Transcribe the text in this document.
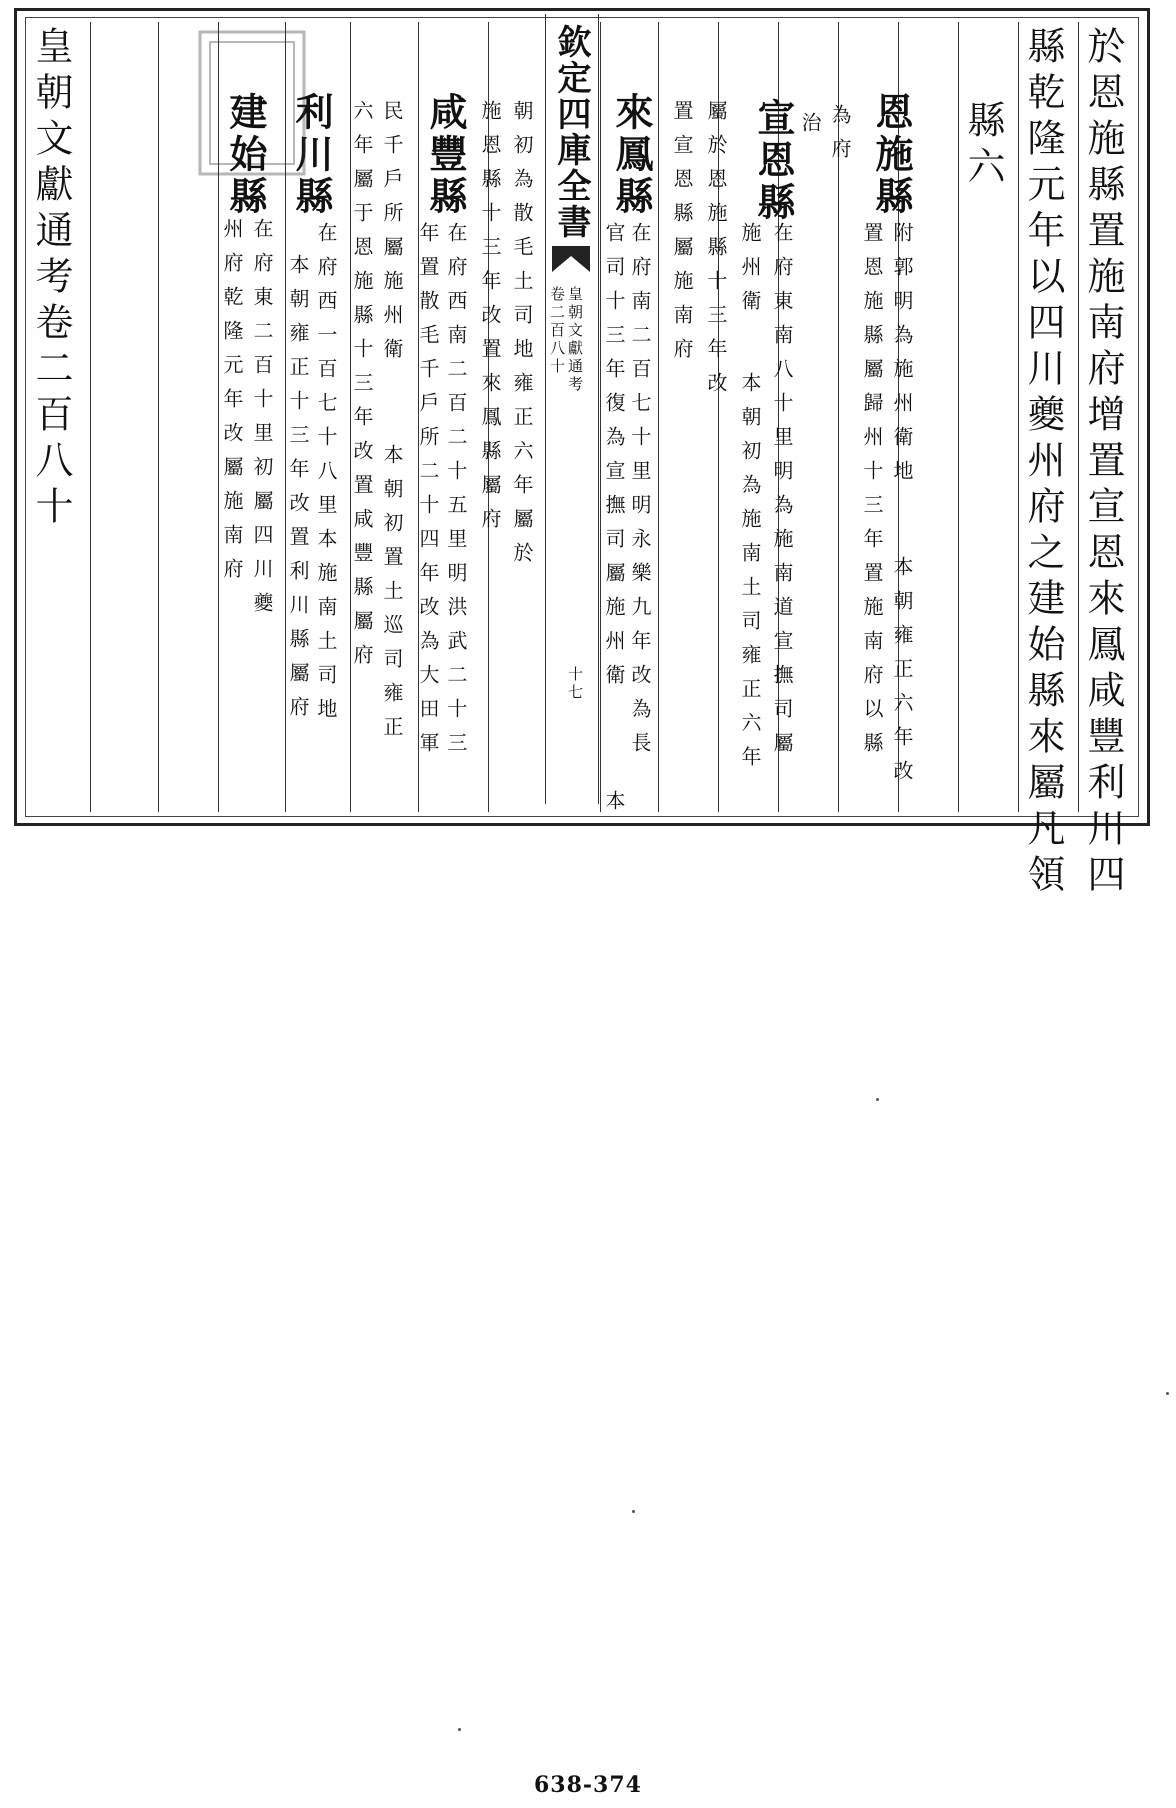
於恩施縣置施南府增置宣恩來鳳咸豐利川四
縣乾隆元年以四川夔州府之建始縣來屬凡領
縣六
恩施縣
附郭明為施州衛地
本朝雍正六年改
置恩施縣屬歸州十三年置施南府以縣
為府
治
宣恩縣
在府東南八十里明為施南道宣撫司屬
施州衛
本朝初為施南土司雍正六年
屬於恩施縣十三年改
置宣恩縣屬施南府
來鳳縣
在府南二百七十里明永樂九年改為長
官司十三年復為宣撫司屬施州衛
本
欽定四庫全書
皇朝文獻通考
卷二百八十
十七
朝初為散毛土司地雍正六年屬於
施恩縣十三年改置來鳳縣屬府
咸豐縣
在府西南二百二十五里明洪武二十三
年置散毛千戶所二十四年改為大田軍
民千戶所屬施州衛
本朝初置土巡司雍正
六年屬于恩施縣十三年改置咸豐縣屬府
利川縣
在府西一百七十八里本施南土司地
本朝雍正十三年改置利川縣屬府
建始縣
在府東二百十里初屬四川夔
州府乾隆元年改屬施南府
皇朝文獻通考卷二百八十
638-374
